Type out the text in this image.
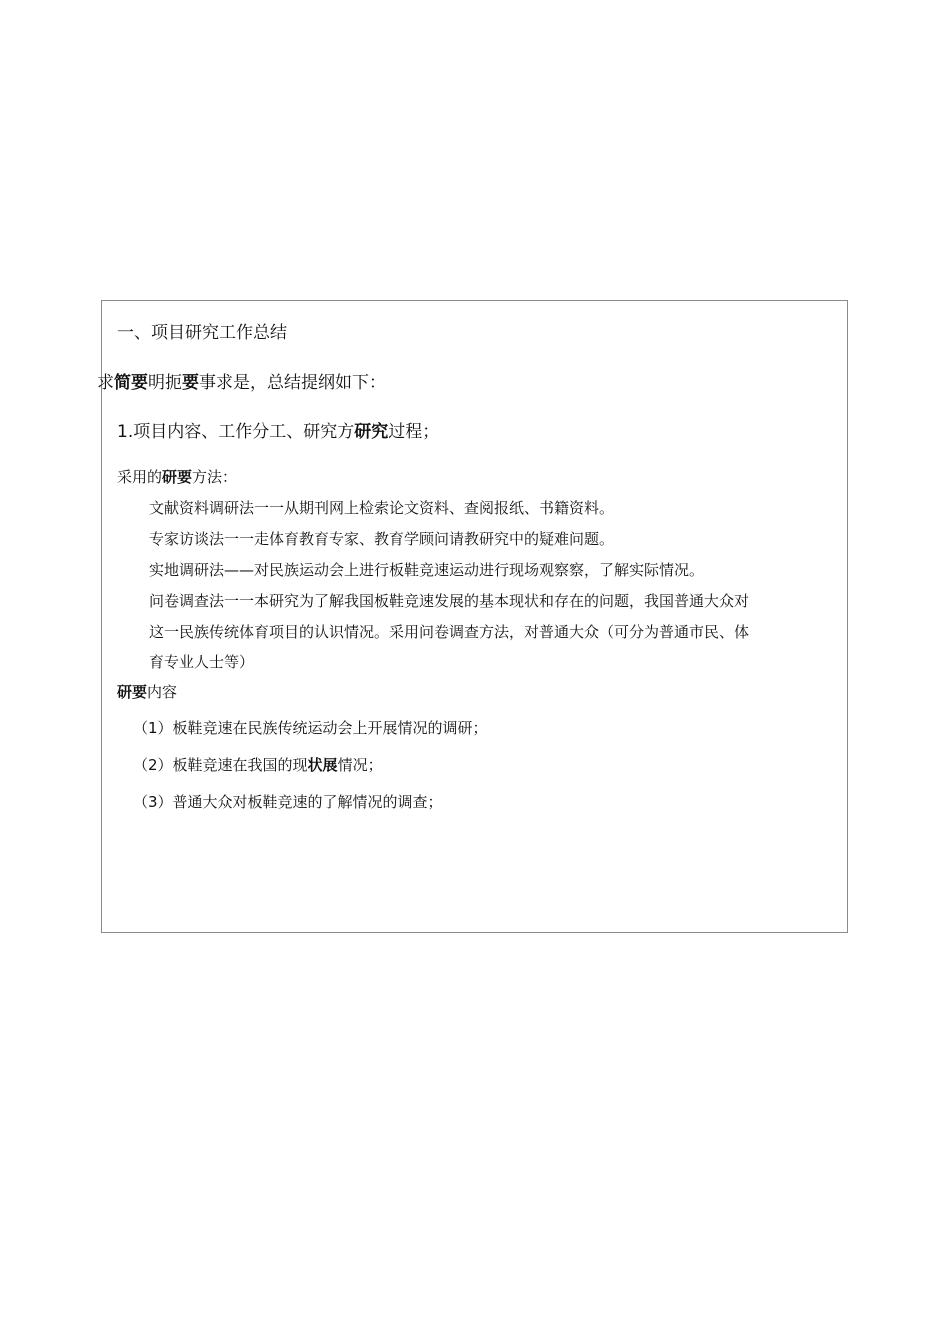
一、项目研究工作总结
求简要明扼要事求是，总结提纲如下：
1.项目内容、工作分工、研究方研究过程；
采用的研要方法：
文献资料调研法一一从期刊网上检索论文资料、查阅报纸、书籍资料。
专家访谈法一一走体育教育专家、教育学顾问请教研究中的疑难问题。
实地调研法——对民族运动会上进行板鞋竞速运动进行现场观察察，了解实际情况。
问卷调查法一一本研究为了解我国板鞋竞速发展的基本现状和存在的问题，我国普通大众对
这一民族传统体育项目的认识情况。采用问卷调查方法，对普通大众（可分为普通市民、体
育专业人士等）
研要内容
（1）板鞋竞速在民族传统运动会上开展情况的调研；
（2）板鞋竞速在我国的现状展情况；
（3）普通大众对板鞋竞速的了解情况的调查；
